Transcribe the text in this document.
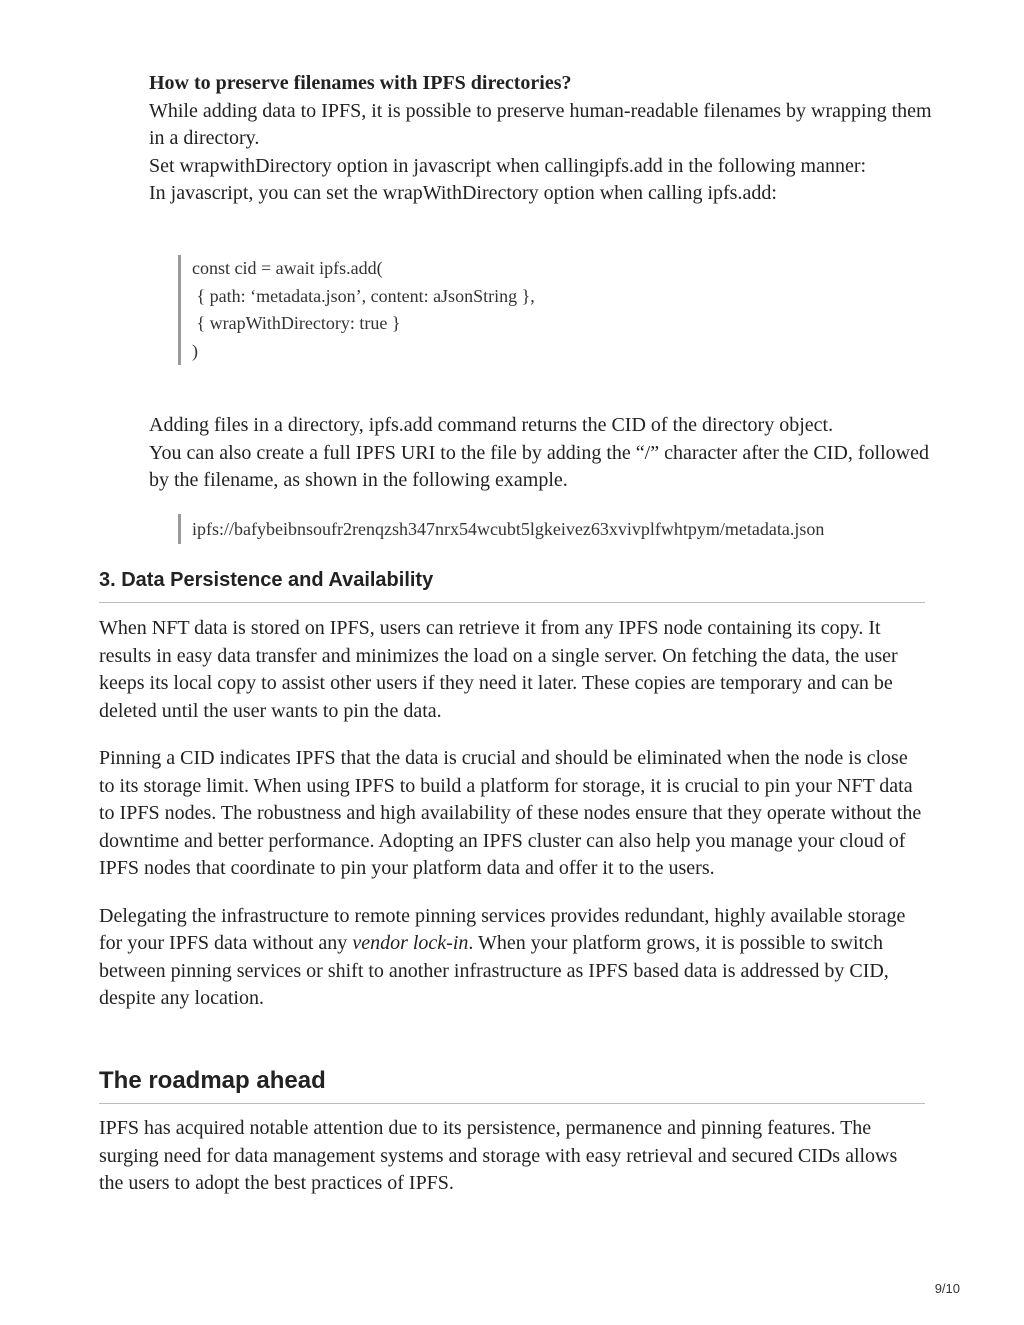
How to preserve filenames with IPFS directories?

While adding data to IPFS, it is possible to preserve human-readable filenames by wrapping them in a directory.

Set wrapwithDirectory option in javascript when callingipfs.add in the following manner:

In javascript, you can set the wrapWithDirectory option when calling ipfs.add:

const cid = await ipfs.add(
{ path: ‘metadata.json’, content: aJsonString },
{ wrapWithDirectory: true }
)

Adding files in a directory, ipfs.add command returns the CID of the directory object.

You can also create a full IPFS URI to the file by adding the “/” character after the CID, followed by the filename, as shown in the following example.

ipfs://bafybeibnsoufr2renqzsh347nrx54wcubt5lgkeivez63xvivplfwhtpym/metadata.json
3. Data Persistence and Availability

When NFT data is stored on IPFS, users can retrieve it from any IPFS node containing its copy. It results in easy data transfer and minimizes the load on a single server. On fetching the data, the user keeps its local copy to assist other users if they need it later. These copies are temporary and can be deleted until the user wants to pin the data.

Pinning a CID indicates IPFS that the data is crucial and should be eliminated when the node is close to its storage limit. When using IPFS to build a platform for storage, it is crucial to pin your NFT data to IPFS nodes. The robustness and high availability of these nodes ensure that they operate without the downtime and better performance. Adopting an IPFS cluster can also help you manage your cloud of IPFS nodes that coordinate to pin your platform data and offer it to the users.

Delegating the infrastructure to remote pinning services provides redundant, highly available storage for your IPFS data without any vendor lock-in. When your platform grows, it is possible to switch between pinning services or shift to another infrastructure as IPFS based data is addressed by CID, despite any location.

The roadmap ahead

IPFS has acquired notable attention due to its persistence, permanence and pinning features. The surging need for data management systems and storage with easy retrieval and secured CIDs allows the users to adopt the best practices of IPFS.

9/10
